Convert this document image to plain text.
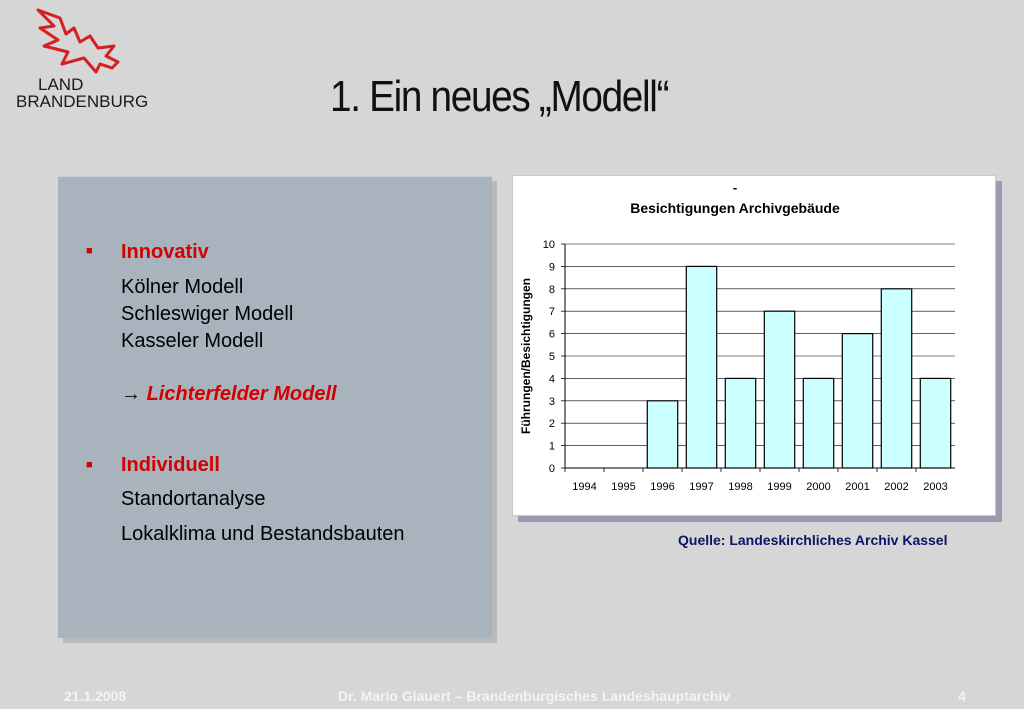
LAND
BRANDENBURG	1. Ein neues „Modell“
■ Innovativ
Kölner Modell
Schleswiger Modell
Kasseler Modell
→ Lichterfelder Modell
■ Individuell
Standortanalyse
Lokalklima und Bestandsbauten
-
Besichtigungen Archivgebäude
Führungen/Besichtigungen
0
1
2
3
4
5
6
7
8
9
10
1994 1995 1996 1997 1998 1999 2000 2001 2002 2003
Quelle: Landeskirchliches Archiv Kassel
21.1.2008	Dr. Mario Glauert – Brandenburgisches Landeshauptarchiv	4
